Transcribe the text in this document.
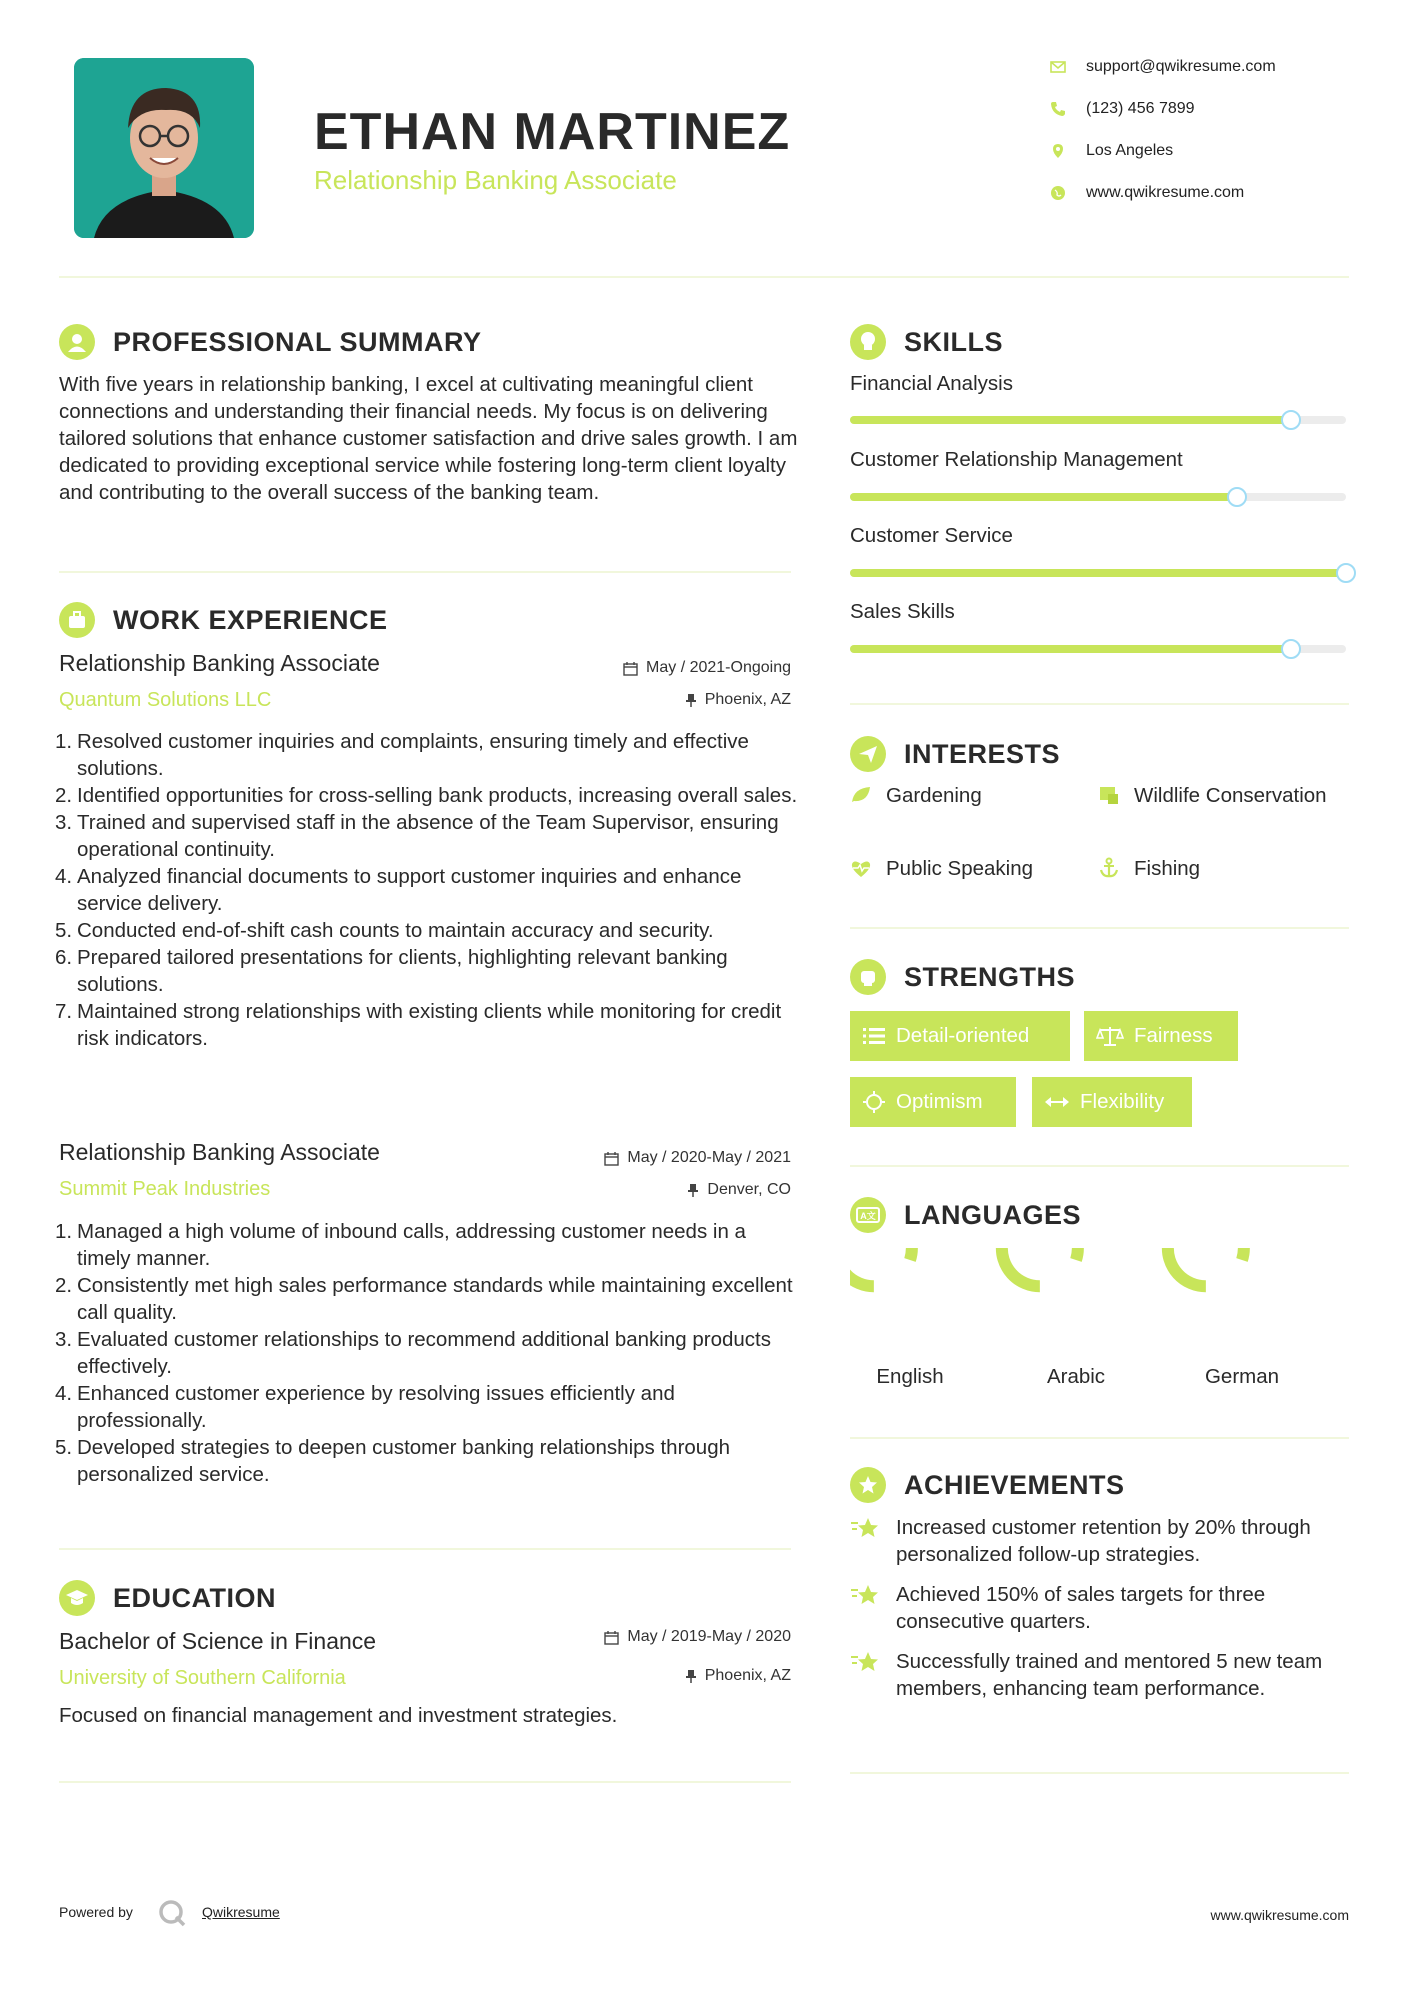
ETHAN MARTINEZ
Relationship Banking Associate
support@qwikresume.com
(123) 456 7899
Los Angeles
www.qwikresume.com
PROFESSIONAL SUMMARY
With five years in relationship banking, I excel at cultivating meaningful client connections and understanding their financial needs. My focus is on delivering tailored solutions that enhance customer satisfaction and drive sales growth. I am dedicated to providing exceptional service while fostering long-term client loyalty and contributing to the overall success of the banking team.
WORK EXPERIENCE
Relationship Banking Associate
Quantum Solutions LLC
May / 2021-Ongoing
Phoenix, AZ
1. Resolved customer inquiries and complaints, ensuring timely and effective solutions.
2. Identified opportunities for cross-selling bank products, increasing overall sales.
3. Trained and supervised staff in the absence of the Team Supervisor, ensuring operational continuity.
4. Analyzed financial documents to support customer inquiries and enhance service delivery.
5. Conducted end-of-shift cash counts to maintain accuracy and security.
6. Prepared tailored presentations for clients, highlighting relevant banking solutions.
7. Maintained strong relationships with existing clients while monitoring for credit risk indicators.
Relationship Banking Associate
Summit Peak Industries
May / 2020-May / 2021
Denver, CO
1. Managed a high volume of inbound calls, addressing customer needs in a timely manner.
2. Consistently met high sales performance standards while maintaining excellent call quality.
3. Evaluated customer relationships to recommend additional banking products effectively.
4. Enhanced customer experience by resolving issues efficiently and professionally.
5. Developed strategies to deepen customer banking relationships through personalized service.
EDUCATION
Bachelor of Science in Finance
University of Southern California
May / 2019-May / 2020
Phoenix, AZ
Focused on financial management and investment strategies.
SKILLS
Financial Analysis
Customer Relationship Management
Customer Service
Sales Skills
INTERESTS
Gardening	Wildlife Conservation
Public Speaking	Fishing
STRENGTHS
Detail-oriented	Fairness
Optimism	Flexibility
A文 LANGUAGES
English	Arabic	German
ACHIEVEMENTS
Increased customer retention by 20% through personalized follow-up strategies.
Achieved 150% of sales targets for three consecutive quarters.
Successfully trained and mentored 5 new team members, enhancing team performance.
Powered by	Qwikresume	www.qwikresume.com
